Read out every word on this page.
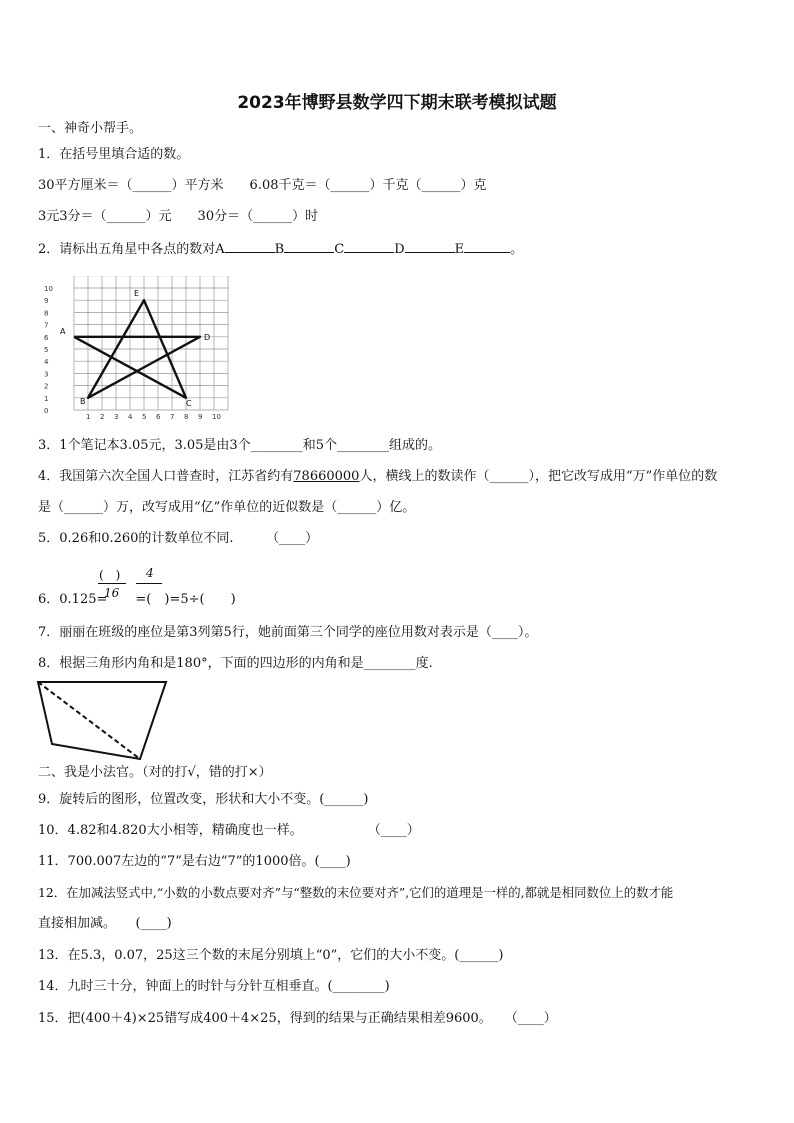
2023年博野县数学四下期末联考模拟试题
一、神奇小帮手。
1．在括号里填合适的数。
30平方厘米＝（______）平方米　　6.08千克＝（______）千克（______）克
3元3分＝（______）元　　30分＝（______）时
2．请标出五角星中各点的数对A	B	C	D	E	。
0
1
2
3
4
5
6
7
8
9
10
1 2 3 4 5 6 7 8 9 10
A
B	C
D
E
3．1个笔记本3.05元，3.05是由3个________和5个________组成的。
4．我国第六次全国人口普查时，江苏省约有78660000人，横线上的数读作（______），把它改写成用“万”作单位的数
是（______）万，改写成用“亿”作单位的近似数是（______）亿。
5．0.26和0.260的计数单位不同.　　　（____）
(　)
16
4
6．0.125= =(　)=5÷(　　)
7．丽丽在班级的座位是第3列第5行，她前面第三个同学的座位用数对表示是（____）。
8．根据三角形内角和是180°，下面的四边形的内角和是________度.
二、我是小法官。（对的打√，错的打×）
9．旋转后的图形，位置改变，形状和大小不变。(______)
10．4.82和4.820大小相等，精确度也一样。　　　　　　（____）
11．700.007左边的“7”是右边“7”的1000倍。(____)
12．在加减法竖式中,“小数的小数点要对齐”与“整数的末位要对齐”,它们的道理是一样的,都就是相同数位上的数才能
直接相加减。　　(____)
13．在5.3，0.07，25这三个数的末尾分别填上“0”，它们的大小不变。(______)
14．九时三十分，钟面上的时针与分针互相垂直。(________)
15．把(400＋4)×25错写成400＋4×25，得到的结果与正确结果相差9600。　　（____）
